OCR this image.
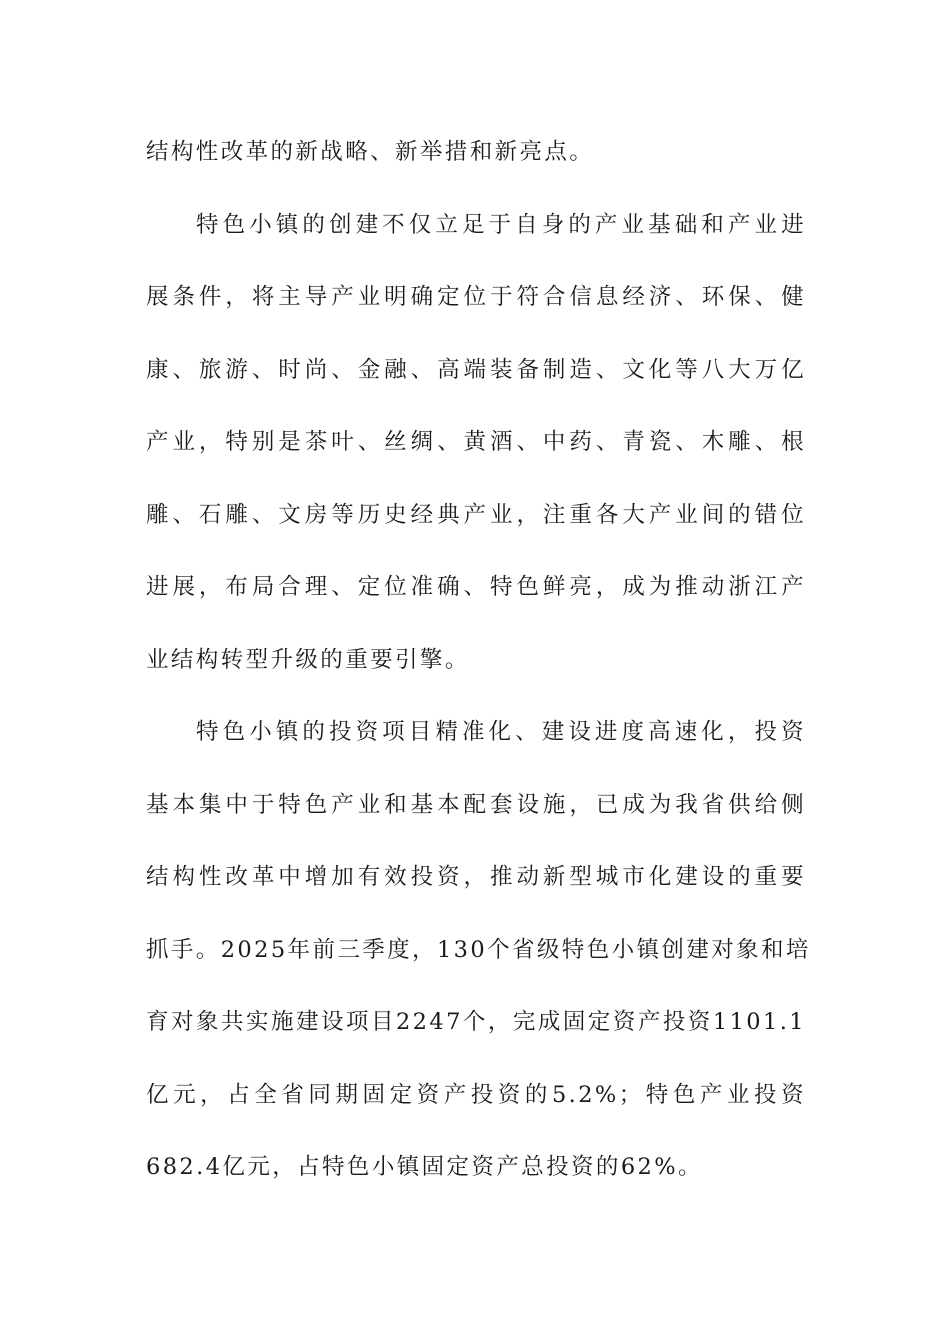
结构性改革的新战略、新举措和新亮点。
特色小镇的创建不仅立足于自身的产业基础和产业进
展条件，将主导产业明确定位于符合信息经济、环保、健
康、旅游、时尚、金融、高端装备制造、文化等八大万亿
产业，特别是茶叶、丝绸、黄酒、中药、青瓷、木雕、根
雕、石雕、文房等历史经典产业，注重各大产业间的错位
进展，布局合理、定位准确、特色鲜亮，成为推动浙江产
业结构转型升级的重要引擎。
特色小镇的投资项目精准化、建设进度高速化，投资
基本集中于特色产业和基本配套设施，已成为我省供给侧
结构性改革中增加有效投资，推动新型城市化建设的重要
抓手。2025年前三季度，130个省级特色小镇创建对象和培
育对象共实施建设项目2247个，完成固定资产投资1101.1
亿元，占全省同期固定资产投资的5.2%；特色产业投资
682.4亿元，占特色小镇固定资产总投资的62%。
